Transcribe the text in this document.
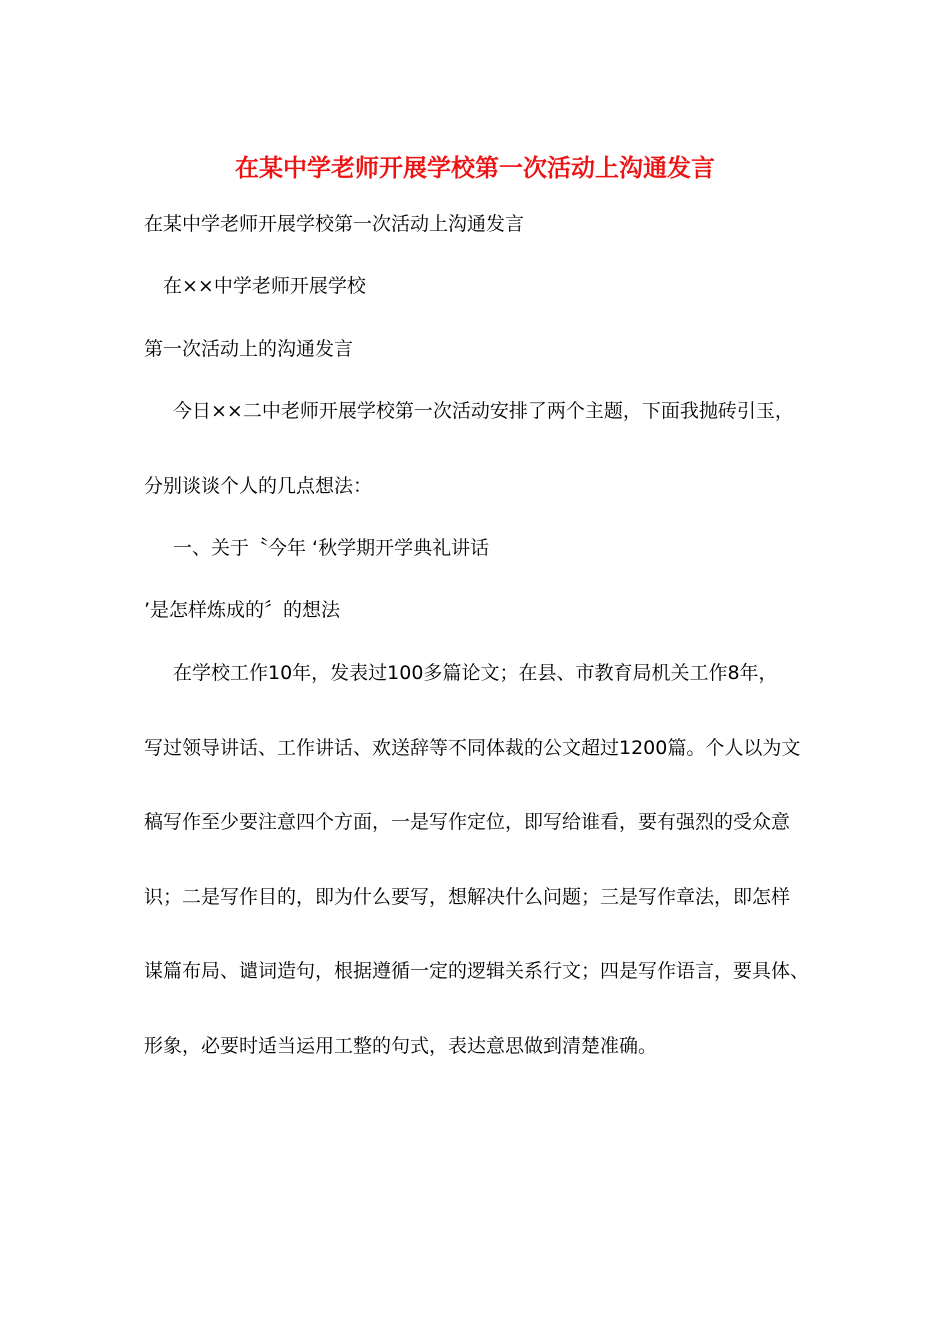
在某中学老师开展学校第一次活动上沟通发言
在某中学老师开展学校第一次活动上沟通发言
在××中学老师开展学校
第一次活动上的沟通发言
今日××二中老师开展学校第一次活动安排了两个主题，下面我抛砖引玉，
分别谈谈个人的几点想法：
一、关于〝今年 ‘秋学期开学典礼讲话
’是怎样炼成的〞的想法
在学校工作10年，发表过100多篇论文；在县、市教育局机关工作8年，
写过领导讲话、工作讲话、欢送辞等不同体裁的公文超过1200篇。个人以为文
稿写作至少要注意四个方面，一是写作定位，即写给谁看，要有强烈的受众意
识；二是写作目的，即为什么要写，想解决什么问题；三是写作章法，即怎样
谋篇布局、谴词造句，根据遵循一定的逻辑关系行文；四是写作语言，要具体、
形象，必要时适当运用工整的句式，表达意思做到清楚准确。
